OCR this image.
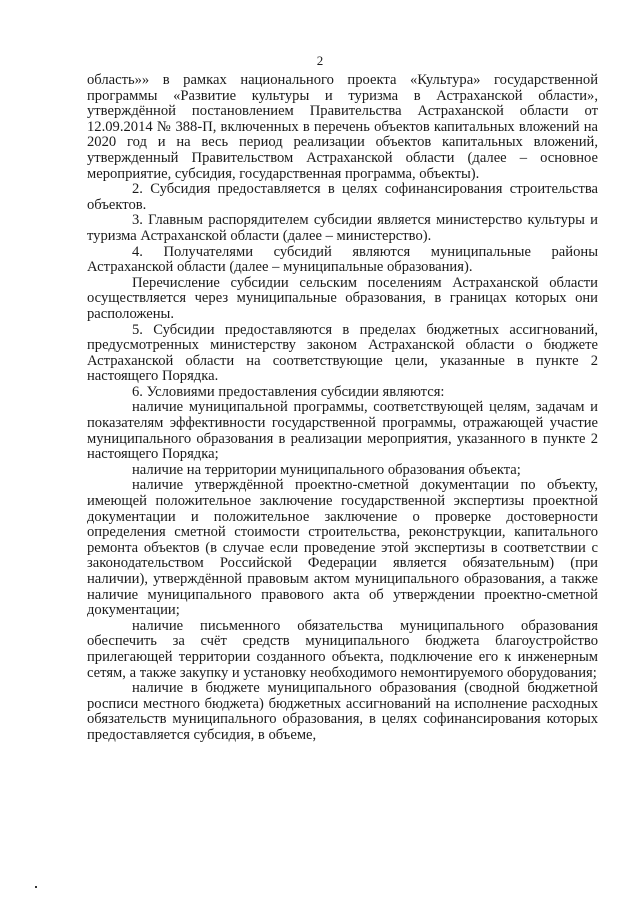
2

область»» в рамках национального проекта «Культура» государственной программы «Развитие культуры и туризма в Астраханской области», утверждённой постановлением Правительства Астраханской области от 12.09.2014 № 388-П, включенных в перечень объектов капитальных вложений на 2020 год и на весь период реализации объектов капитальных вложений, утвержденный Правительством Астраханской области (далее – основное мероприятие, субсидия, государственная программа, объекты).

2. Субсидия предоставляется в целях софинансирования строительства объектов.

3. Главным распорядителем субсидии является министерство культуры и туризма Астраханской области (далее – министерство).

4. Получателями субсидий являются муниципальные районы Астраханской области (далее – муниципальные образования).

Перечисление субсидии сельским поселениям Астраханской области осуществляется через муниципальные образования, в границах которых они расположены.

5. Субсидии предоставляются в пределах бюджетных ассигнований, предусмотренных министерству законом Астраханской области о бюджете Астраханской области на соответствующие цели, указанные в пункте 2 настоящего Порядка.

6. Условиями предоставления субсидии являются:

наличие муниципальной программы, соответствующей целям, задачам и показателям эффективности государственной программы, отражающей участие муниципального образования в реализации мероприятия, указанного в пункте 2 настоящего Порядка;

наличие на территории муниципального образования объекта;

наличие утверждённой проектно-сметной документации по объекту, имеющей положительное заключение государственной экспертизы проектной документации и положительное заключение о проверке достоверности определения сметной стоимости строительства, реконструкции, капитального ремонта объектов (в случае если проведение этой экспертизы в соответствии с законодательством Российской Федерации является обязательным) (при наличии), утверждённой правовым актом муниципального образования, а также наличие муниципального правового акта об утверждении проектно-сметной документации;

наличие письменного обязательства муниципального образования обеспечить за счёт средств муниципального бюджета благоустройство прилегающей территории созданного объекта, подключение его к инженерным сетям, а также закупку и установку необходимого немонтируемого оборудования;

наличие в бюджете муниципального образования (сводной бюджетной росписи местного бюджета) бюджетных ассигнований на исполнение расходных обязательств муниципального образования, в целях софинансирования которых предоставляется субсидия, в объеме,
